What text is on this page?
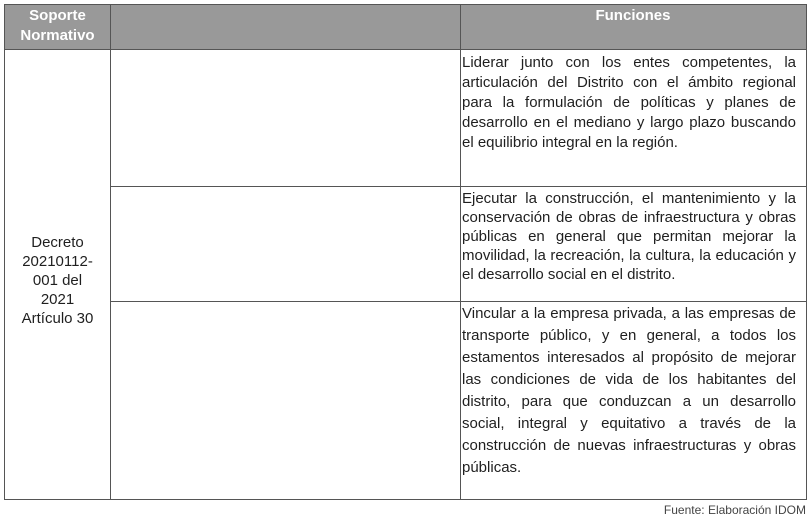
Soporte
Normativo
Funciones
Decreto
20210112-
001 del
2021
Artículo 30
Liderar junto con los entes competentes, la articulación del Distrito con el ámbito regional para la formulación de políticas y planes de desarrollo en el mediano y largo plazo buscando el equilibrio integral en la región.
Ejecutar la construcción, el mantenimiento y la conservación de obras de infraestructura y obras públicas en general que permitan mejorar la movilidad, la recreación, la cultura, la educación y el desarrollo social en el distrito.
Vincular a la empresa privada, a las empresas de transporte público, y en general, a todos los estamentos interesados al propósito de mejorar las condiciones de vida de los habitantes del distrito, para que conduzcan a un desarrollo social, integral y equitativo a través de la construcción de nuevas infraestructuras y obras públicas.
Fuente: Elaboración IDOM
